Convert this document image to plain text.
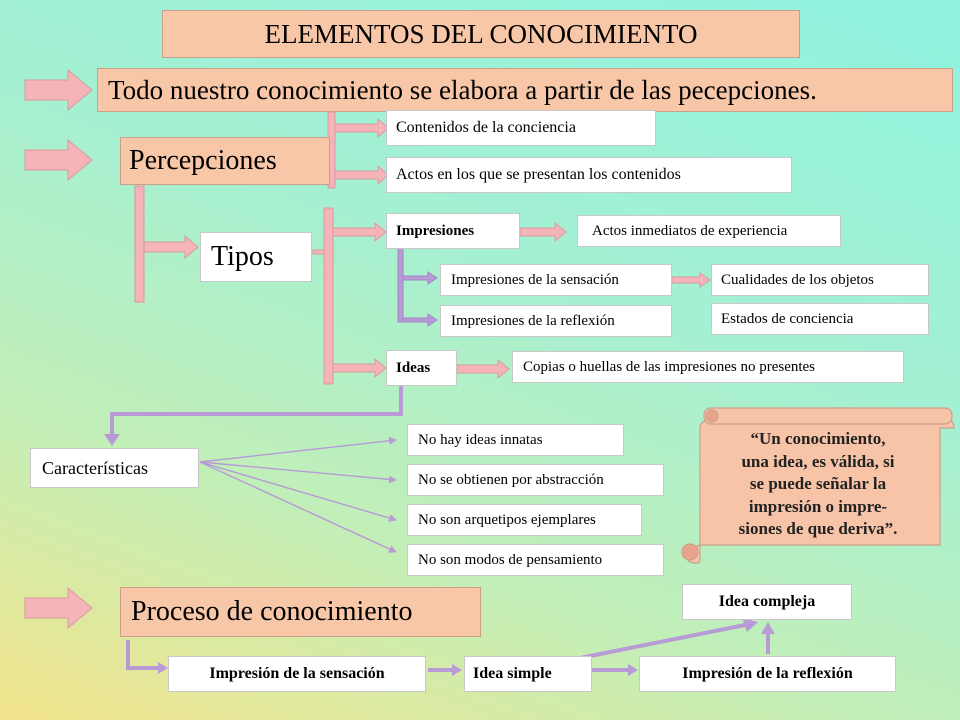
ELEMENTOS DEL CONOCIMIENTO
Todo nuestro conocimiento se elabora a partir de las pecepciones.
Percepciones
Contenidos de la conciencia
Actos en los que se presentan los contenidos
Tipos
Impresiones	Actos inmediatos de experiencia
Impresiones de la sensación	Cualidades de los objetos
Impresiones de la reflexión	Estados de conciencia
Ideas	Copias o huellas de las impresiones no presentes
Características
No hay ideas innatas
No se obtienen por abstracción
No son arquetipos ejemplares
No son modos de pensamiento
“Un conocimiento,
una idea, es válida, si
se puede señalar la
impresión o impre-
siones de que deriva”.
Proceso de conocimiento
Impresión de la sensación	Idea simple	Impresión de la reflexión
Idea compleja
